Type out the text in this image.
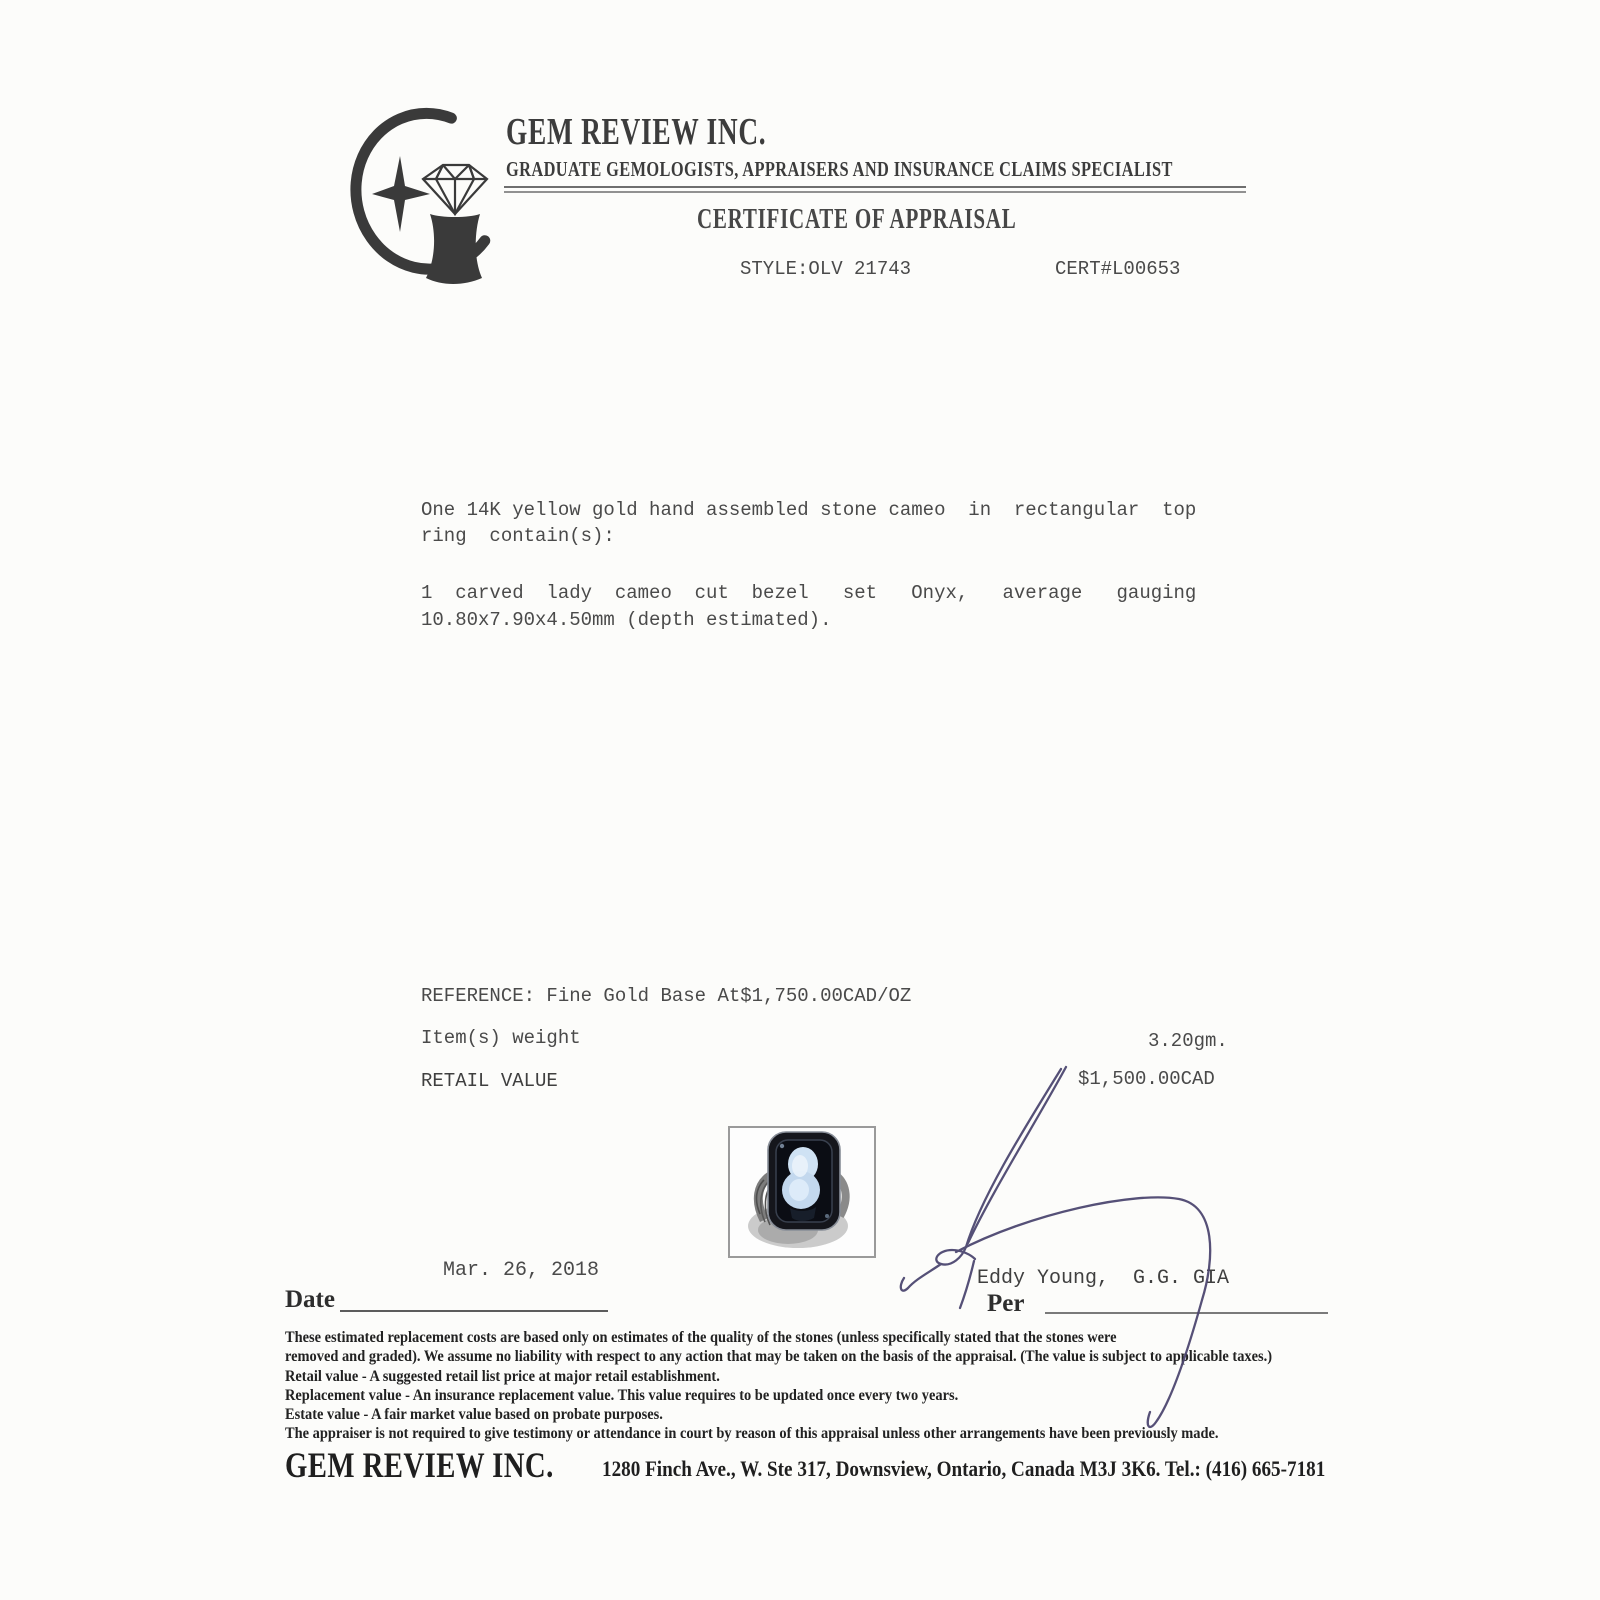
GEM REVIEW INC.
GRADUATE GEMOLOGISTS, APPRAISERS AND INSURANCE CLAIMS SPECIALIST
CERTIFICATE OF APPRAISAL
STYLE:OLV 21743	CERT#L00653
One 14K yellow gold hand assembled stone cameo  in  rectangular  top
ring  contain(s):
1  carved  lady  cameo  cut  bezel   set   Onyx,   average   gauging
10.80x7.90x4.50mm (depth estimated).
REFERENCE: Fine Gold Base At$1,750.00CAD/OZ
Item(s) weight	3.20gm.
RETAIL VALUE	$1,500.00CAD
Mar. 26, 2018
Date
Eddy Young,  G.G. GIA
Per
These estimated replacement costs are based only on estimates of the quality of the stones (unless specifically stated that the stones were
removed and graded). We assume no liability with respect to any action that may be taken on the basis of the appraisal. (The value is subject to applicable taxes.)
Retail value - A suggested retail list price at major retail establishment.
Replacement value - An insurance replacement value. This value requires to be updated once every two years.
Estate value - A fair market value based on probate purposes.
The appraiser is not required to give testimony or attendance in court by reason of this appraisal unless other arrangements have been previously made.
GEM REVIEW INC. 1280 Finch Ave., W. Ste 317, Downsview, Ontario, Canada M3J 3K6. Tel.: (416) 665-7181
